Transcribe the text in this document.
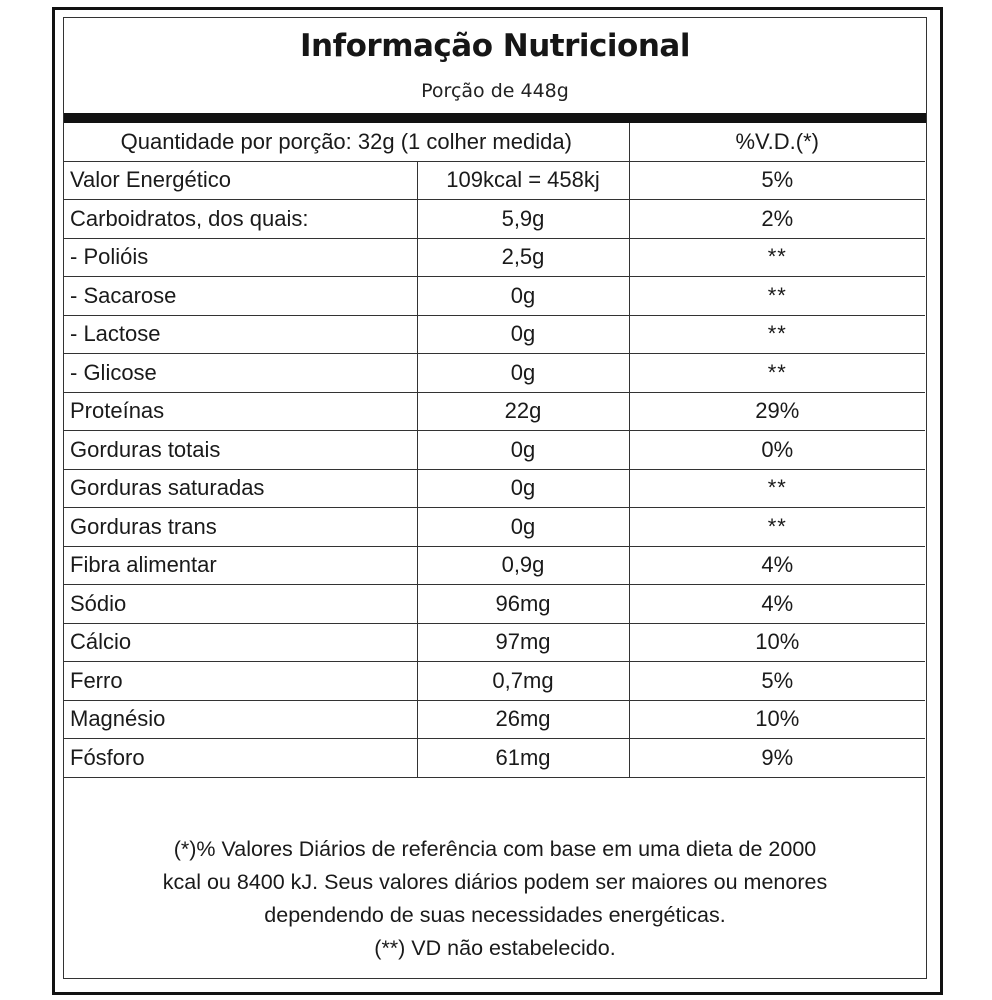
Informação Nutricional
Porção de 448g
Quantidade por porção: 32g (1 colher medida)		%V.D.(*)
Valor Energético	109kcal = 458kj	5%
Carboidratos, dos quais:	5,9g	2%
- Polióis	2,5g	**
- Sacarose	0g	**
- Lactose	0g	**
- Glicose	0g	**
Proteínas	22g	29%
Gorduras totais	0g	0%
Gorduras saturadas	0g	**
Gorduras trans	0g	**
Fibra alimentar	0,9g	4%
Sódio	96mg	4%
Cálcio	97mg	10%
Ferro	0,7mg	5%
Magnésio	26mg	10%
Fósforo	61mg	9%
(*)% Valores Diários de referência com base em uma dieta de 2000
kcal ou 8400 kJ. Seus valores diários podem ser maiores ou menores
dependendo de suas necessidades energéticas.
(**) VD não estabelecido.
